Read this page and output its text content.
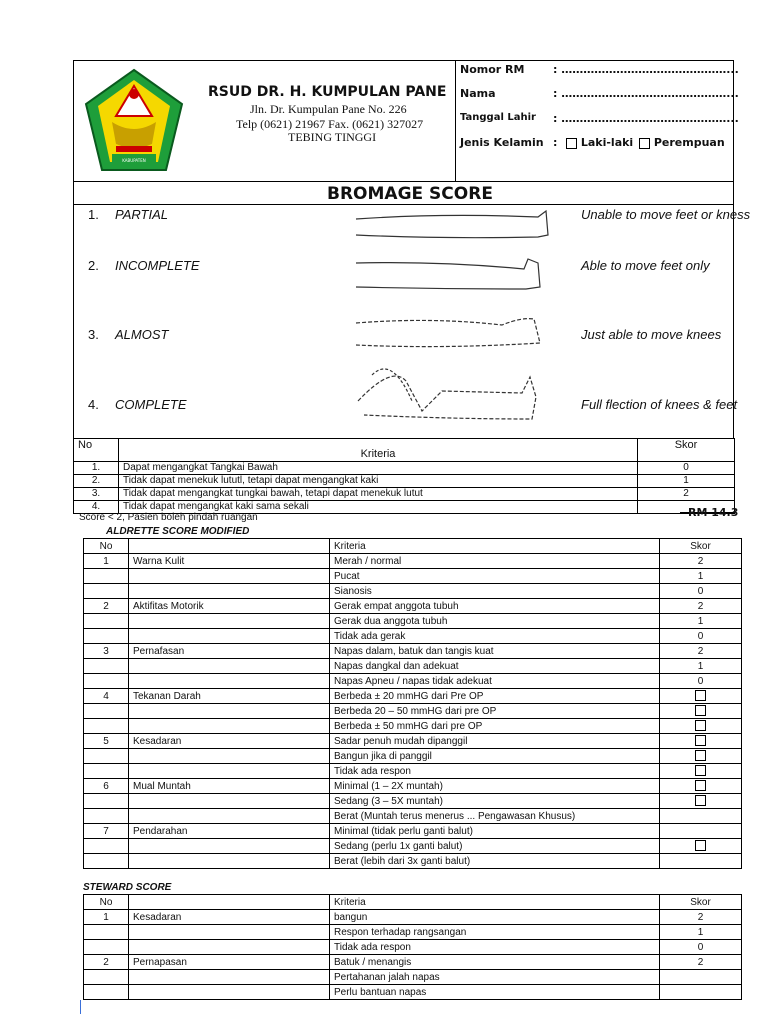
KABUPATEN
RSUD DR. H. KUMPULAN PANE
Jln. Dr. Kumpulan Pane No. 226
Telp (0621) 21967 Fax. (0621) 327027
TEBING TINGGI
Nomor RM	: ………………………………………...
Nama	: ………………………………………...
Tanggal Lahir : ………………………………………...
Jenis Kelamin :	Laki-laki	Perempuan
BROMAGE SCORE
1. PARTIAL	Unable to move feet or kness
2. INCOMPLETE	Able to move feet only
3. ALMOST	Just able to move knees
4. COMPLETE	Full flection of knees & feet
No	Kriteria	Skor
1.	Dapat mengangkat Tangkai Bawah	0
2.	Tidak dapat menekuk lututl, tetapi dapat mengangkat kaki	1
3.	Tidak dapat mengangkat tungkai bawah, tetapi dapat menekuk lutut	2
4.	Tidak dapat mengangkat kaki sama sekali	
Score < 2, Pasien boleh pindah ruangan	RM 14.3
ALDRETTE SCORE MODIFIED
No		Kriteria	Skor
1	Warna Kulit	Merah / normal	2
		Pucat	1
		Sianosis	0
2	Aktifitas Motorik	Gerak empat anggota tubuh	2
		Gerak dua anggota tubuh	1
		Tidak ada gerak	0
3	Pernafasan	Napas dalam, batuk dan tangis kuat	2
		Napas dangkal dan adekuat	1
		Napas Apneu / napas tidak adekuat	0
4	Tekanan Darah	Berbeda ± 20 mmHG dari Pre OP	
		Berbeda 20 – 50 mmHG dari pre OP	
		Berbeda ± 50 mmHG dari pre OP	
5	Kesadaran	Sadar penuh mudah dipanggil	
		Bangun jika di panggil	
		Tidak ada respon	
6	Mual Muntah	Minimal (1 – 2X muntah)	
		Sedang (3 – 5X muntah)	
		Berat (Muntah terus menerus ... Pengawasan Khusus)	
7	Pendarahan	Minimal (tidak perlu ganti balut)	
		Sedang (perlu 1x ganti balut)	
		Berat (lebih dari 3x ganti balut)	
STEWARD SCORE
No		Kriteria	Skor
1	Kesadaran	bangun	2
		Respon terhadap rangsangan	1
		Tidak ada respon	0
2	Pernapasan	Batuk / menangis	2
		Pertahanan jalah napas	
		Perlu bantuan napas	
